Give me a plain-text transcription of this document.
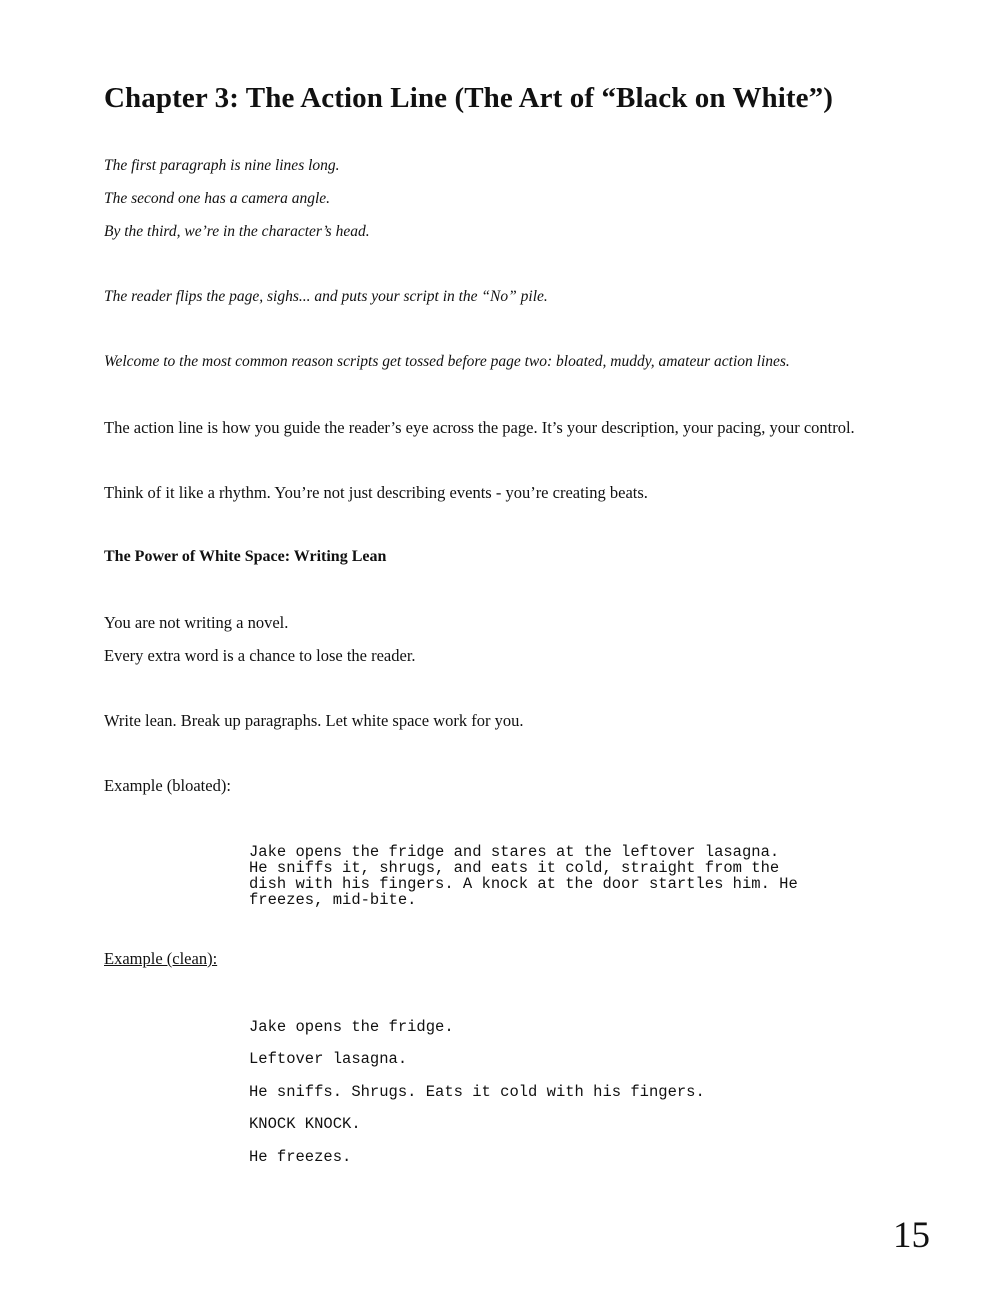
Chapter 3: The Action Line (The Art of “Black on White”)

The first paragraph is nine lines long.

The second one has a camera angle.

By the third, we’re in the character’s head.

The reader flips the page, sighs... and puts your script in the “No” pile.

Welcome to the most common reason scripts get tossed before page two: bloated, muddy, amateur action lines.

The action line is how you guide the reader’s eye across the page. It’s your description, your pacing, your control.

Think of it like a rhythm. You’re not just describing events - you’re creating beats.

The Power of White Space: Writing Lean

You are not writing a novel.

Every extra word is a chance to lose the reader.

Write lean. Break up paragraphs. Let white space work for you.

Example (bloated):

Jake opens the fridge and stares at the leftover lasagna.
He sniffs it, shrugs, and eats it cold, straight from the
dish with his fingers. A knock at the door startles him. He
freezes, mid-bite.

Example (clean):

Jake opens the fridge.

Leftover lasagna.

He sniffs. Shrugs. Eats it cold with his fingers.

KNOCK KNOCK.

He freezes.

15
